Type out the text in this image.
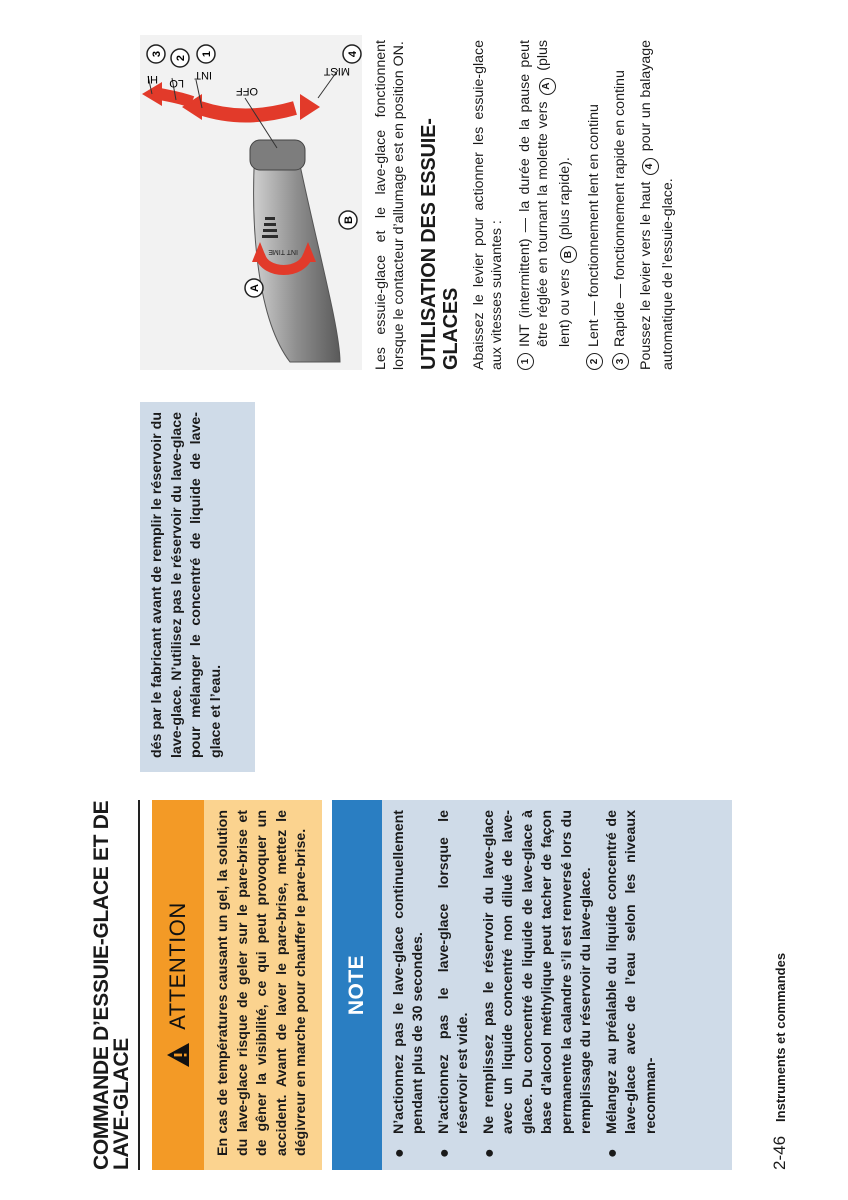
COMMANDE D’ESSUIE-GLACE ET DE LAVE-GLACE
ATTENTION	En cas de températures causant un gel, la solution du lave-glace risque de geler sur le pare-brise et de gêner la visibilité, ce qui peut provoquer un accident. Avant de laver le pare-brise, mettez le dégivreur en marche pour chauffer le pare-brise.	NOTE
●
N’actionnez pas le lave-glace continuellement pendant plus de 30 secondes.
●
N’actionnez pas le lave-glace lorsque le réservoir est vide.
●
Ne remplissez pas le réservoir du lave-glace avec un liquide concentré non dilué de lave-glace. Du concentré de liquide de lave-glace à base d’alcool méthylique peut tacher de façon permanente la calandre s’il est renversé lors du remplissage du réservoir du lave-glace.
●
Mélangez au préalable du liquide concentré de lave-glace avec de l’eau selon les niveaux recomman-
dés par le fabricant avant de remplir le réservoir du lave-glace. N’utilisez pas le réservoir du lave-glace pour mélanger le concentré de liquide de lave-glace et l’eau.
INT TIME
A
B
MIST
OFF
INT
LO
HI
4
1
2
3	Les essuie-glace et le lave-glace fonctionnent lorsque le contacteur d’allumage est en position ON. UTILISATION DES ESSUIE-GLACES Abaissez le levier pour actionner les essuie-glace aux vitesses suivantes : 1
INT (intermittent) — la durée de la pause peut être réglée en tournant la molette vers A (plus lent) ou vers B (plus rapide).
2
Lent — fonctionnement lent en continu
3
Rapide — fonctionnement rapide en continu Poussez le levier vers le haut 4 pour un balayage automatique de l’essuie-glace.

2-46
Instruments et commandes
